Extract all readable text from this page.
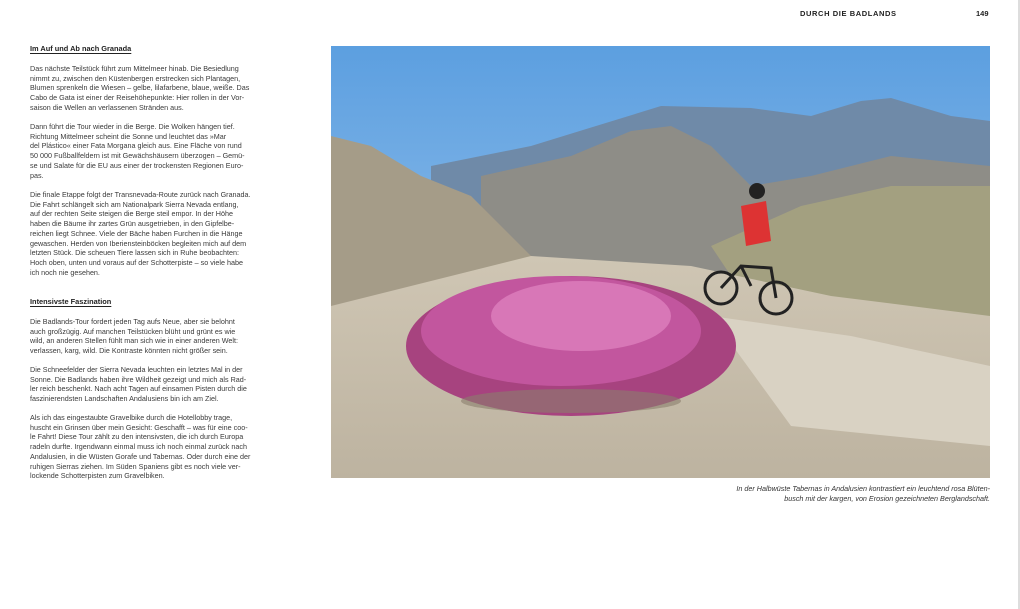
DURCH DIE BADLANDS	149
Im Auf und Ab nach Granada
Das nächste Teilstück führt zum Mittelmeer hinab. Die Besiedlung
nimmt zu, zwischen den Küstenbergen erstrecken sich Plantagen,
Blumen sprenkeln die Wiesen – gelbe, lilafarbene, blaue, weiße. Das
Cabo de Gata ist einer der Reisehöhepunkte: Hier rollen in der Vor-
saison die Wellen an verlassenen Stränden aus.
Dann führt die Tour wieder in die Berge. Die Wolken hängen tief.
Richtung Mittelmeer scheint die Sonne und leuchtet das »Mar
del Plástico« einer Fata Morgana gleich aus. Eine Fläche von rund
50 000 Fußballfeldern ist mit Gewächshäusern überzogen – Gemü-
se und Salate für die EU aus einer der trockensten Regionen Euro-
pas.
Die finale Etappe folgt der Transnevada-Route zurück nach Granada.
Die Fahrt schlängelt sich am Nationalpark Sierra Nevada entlang,
auf der rechten Seite steigen die Berge steil empor. In der Höhe
haben die Bäume ihr zartes Grün ausgetrieben, in den Gipfelbe-
reichen liegt Schnee. Viele der Bäche haben Furchen in die Hänge
gewaschen. Herden von Iberiensteinböcken begleiten mich auf dem
letzten Stück. Die scheuen Tiere lassen sich in Ruhe beobachten:
Hoch oben, unten und voraus auf der Schotterpiste – so viele habe
ich noch nie gesehen.
Intensivste Faszination
Die Badlands-Tour fordert jeden Tag aufs Neue, aber sie belohnt
auch großzügig. Auf manchen Teilstücken blüht und grünt es wie
wild, an anderen Stellen fühlt man sich wie in einer anderen Welt:
verlassen, karg, wild. Die Kontraste könnten nicht größer sein.
Die Schneefelder der Sierra Nevada leuchten ein letztes Mal in der
Sonne. Die Badlands haben ihre Wildheit gezeigt und mich als Rad-
ler reich beschenkt. Nach acht Tagen auf einsamen Pisten durch die
faszinierendsten Landschaften Andalusiens bin ich am Ziel.
Als ich das eingestaubte Gravelbike durch die Hotellobby trage,
huscht ein Grinsen über mein Gesicht: Geschafft – was für eine coo-
le Fahrt! Diese Tour zählt zu den intensivsten, die ich durch Europa
radeln durfte. Irgendwann einmal muss ich noch einmal zurück nach
Andalusien, in die Wüsten Gorafe und Tabernas. Oder durch eine der
ruhigen Sierras ziehen. Im Süden Spaniens gibt es noch viele ver-
lockende Schotterpisten zum Gravelbiken.
In der Halbwüste Tabernas in Andalusien kontrastiert ein leuchtend rosa Blüten-
busch mit der kargen, von Erosion gezeichneten Berglandschaft.
